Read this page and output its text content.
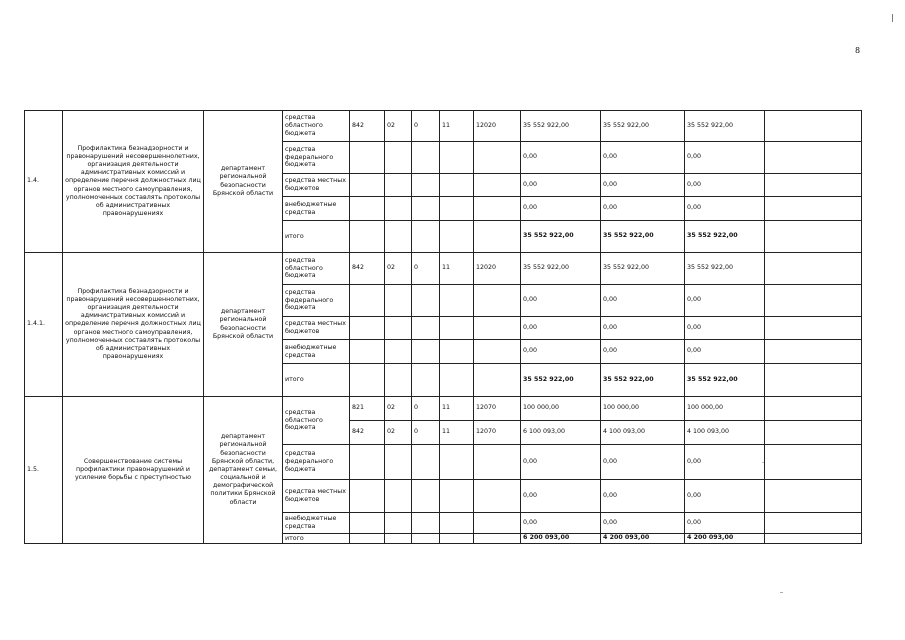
8
1.4.	Профилактика безнадзорности и правонарушений несовершеннолетних, организация деятельности административных комиссий и определение перечня должностных лиц органов местного самоуправления, уполномоченных составлять протоколы об административных правонарушениях	департамент региональной безопасности Брянской области	средства областного бюджета	842	02	0	11	12020	35 552 922,00	35 552 922,00	35 552 922,00	
			средства федерального бюджета						0,00	0,00	0,00	
			средства местных бюджетов						0,00	0,00	0,00	
			внебюджетные средства						0,00	0,00	0,00	
			итого						35 552 922,00	35 552 922,00	35 552 922,00	
1.4.1.	Профилактика безнадзорности и правонарушений несовершеннолетних, организация деятельности административных комиссий и определение перечня должностных лиц органов местного самоуправления, уполномоченных составлять протоколы об административных правонарушениях	департамент региональной безопасности Брянской области	средства областного бюджета	842	02	0	11	12020	35 552 922,00	35 552 922,00	35 552 922,00	
			средства федерального бюджета						0,00	0,00	0,00	
			средства местных бюджетов						0,00	0,00	0,00	
			внебюджетные средства						0,00	0,00	0,00	
			итого						35 552 922,00	35 552 922,00	35 552 922,00	
1.5.	Совершенствование системы профилактики правонарушений и усиление борьбы с преступностью	департамент региональной безопасности Брянской области, департамент семьи, социальной и демографической политики Брянской области	средства областного бюджета	821	02	0	11	12070	100 000,00	100 000,00	100 000,00	
				842	02	0	11	12070	6 100 093,00	4 100 093,00	4 100 093,00	
			средства федерального бюджета						0,00	0,00	0,00	
			средства местных бюджетов						0,00	0,00	0,00	
			внебюджетные средства						0,00	0,00	0,00	
			итого						6 200 093,00	4 200 093,00	4 200 093,00	
